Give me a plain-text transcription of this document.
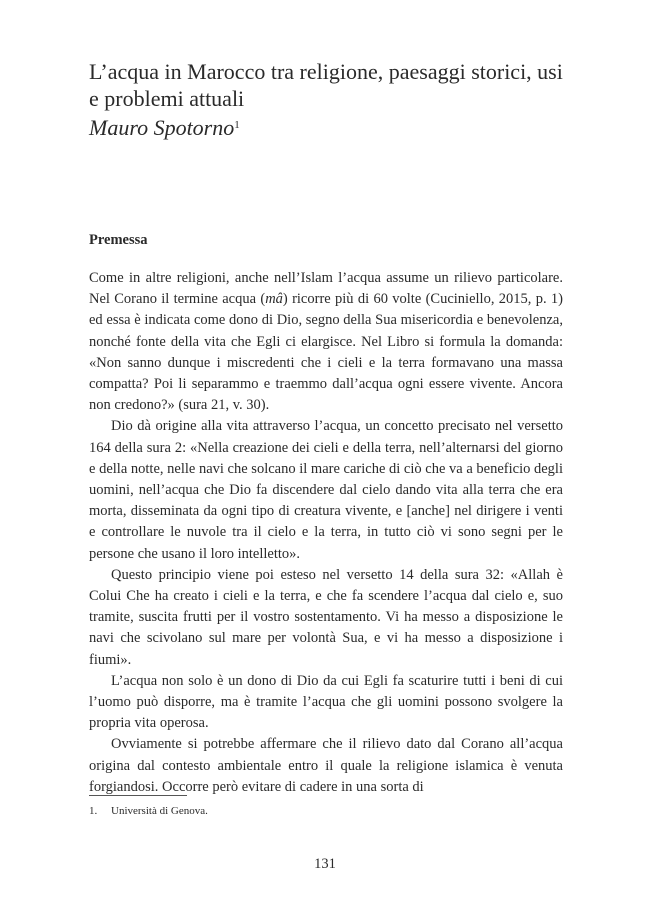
L’acqua in Marocco tra religione, paesaggi storici, usi e problemi attuali
Mauro Spotorno$^1$
Premessa

Come in altre religioni, anche nell’Islam l’acqua assume un rilievo particolare. Nel Corano il termine acqua (mâ) ricorre più di 60 volte (Cuciniello, 2015, p. 1) ed essa è indicata come dono di Dio, segno della Sua misericordia e benevolenza, nonché fonte della vita che Egli ci elargisce. Nel Libro si formula la domanda: «Non sanno dunque i miscredenti che i cieli e la terra formavano una massa compatta? Poi li separammo e traemmo dall’acqua ogni essere vivente. Ancora non credono?» (sura 21, v. 30).

Dio dà origine alla vita attraverso l’acqua, un concetto precisato nel versetto 164 della sura 2: «Nella creazione dei cieli e della terra, nell’alternarsi del giorno e della notte, nelle navi che solcano il mare cariche di ciò che va a beneficio degli uomini, nell’acqua che Dio fa discendere dal cielo dando vita alla terra che era morta, disseminata da ogni tipo di creatura vivente, e [anche] nel dirigere i venti e controllare le nuvole tra il cielo e la terra, in tutto ciò vi sono segni per le persone che usano il loro intelletto».

Questo principio viene poi esteso nel versetto 14 della sura 32: «Allah è Colui Che ha creato i cieli e la terra, e che fa scendere l’acqua dal cielo e, suo tramite, suscita frutti per il vostro sostentamento. Vi ha messo a disposizione le navi che scivolano sul mare per volontà Sua, e vi ha messo a disposizione i fiumi».

L’acqua non solo è un dono di Dio da cui Egli fa scaturire tutti i beni di cui l’uomo può disporre, ma è tramite l’acqua che gli uomini possono svolgere la propria vita operosa.

Ovviamente si potrebbe affermare che il rilievo dato dal Corano all’acqua origina dal contesto ambientale entro il quale la religione islamica è venuta forgiandosi. Occorre però evitare di cadere in una sorta di

1. Università di Genova.
131
